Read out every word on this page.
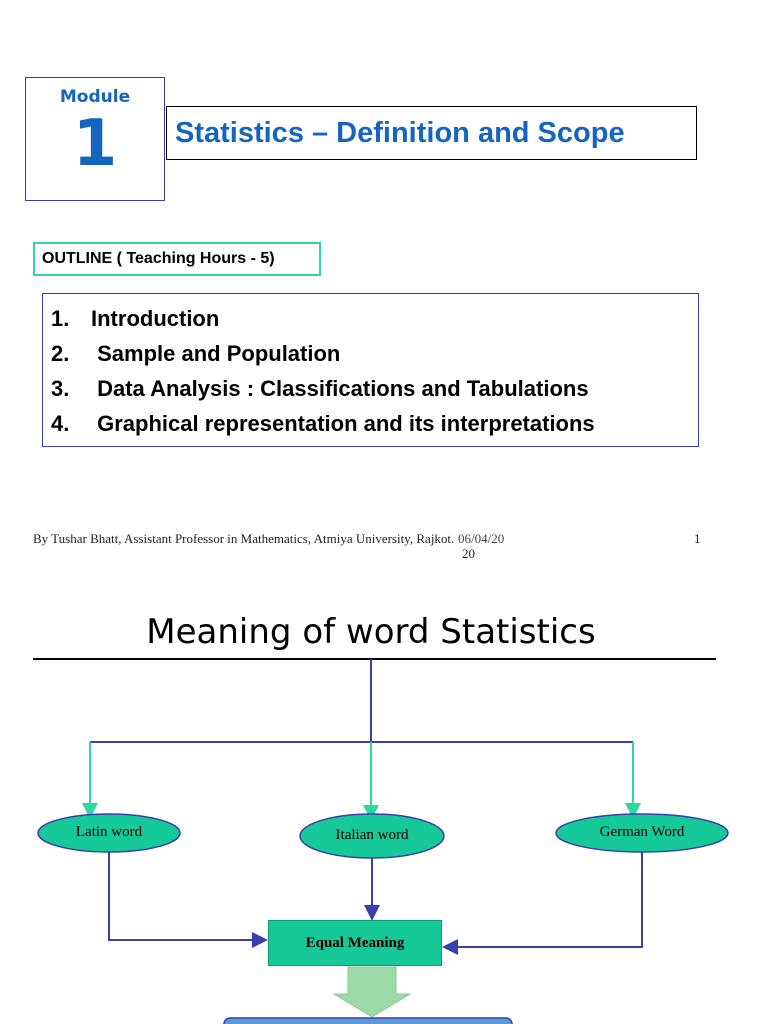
Module
1	Statistics – Definition and Scope
OUTLINE ( Teaching Hours - 5)
1. Introduction
2. Sample and Population
3. Data Analysis : Classifications and Tabulations
4. Graphical representation and its interpretations
By Tushar Bhatt, Assistant Professor in Mathematics, Atmiya University, Rajkot. 06/04/20
20
1
Meaning of word Statistics
Latin word	Italian word	German Word
Equal Meaning
